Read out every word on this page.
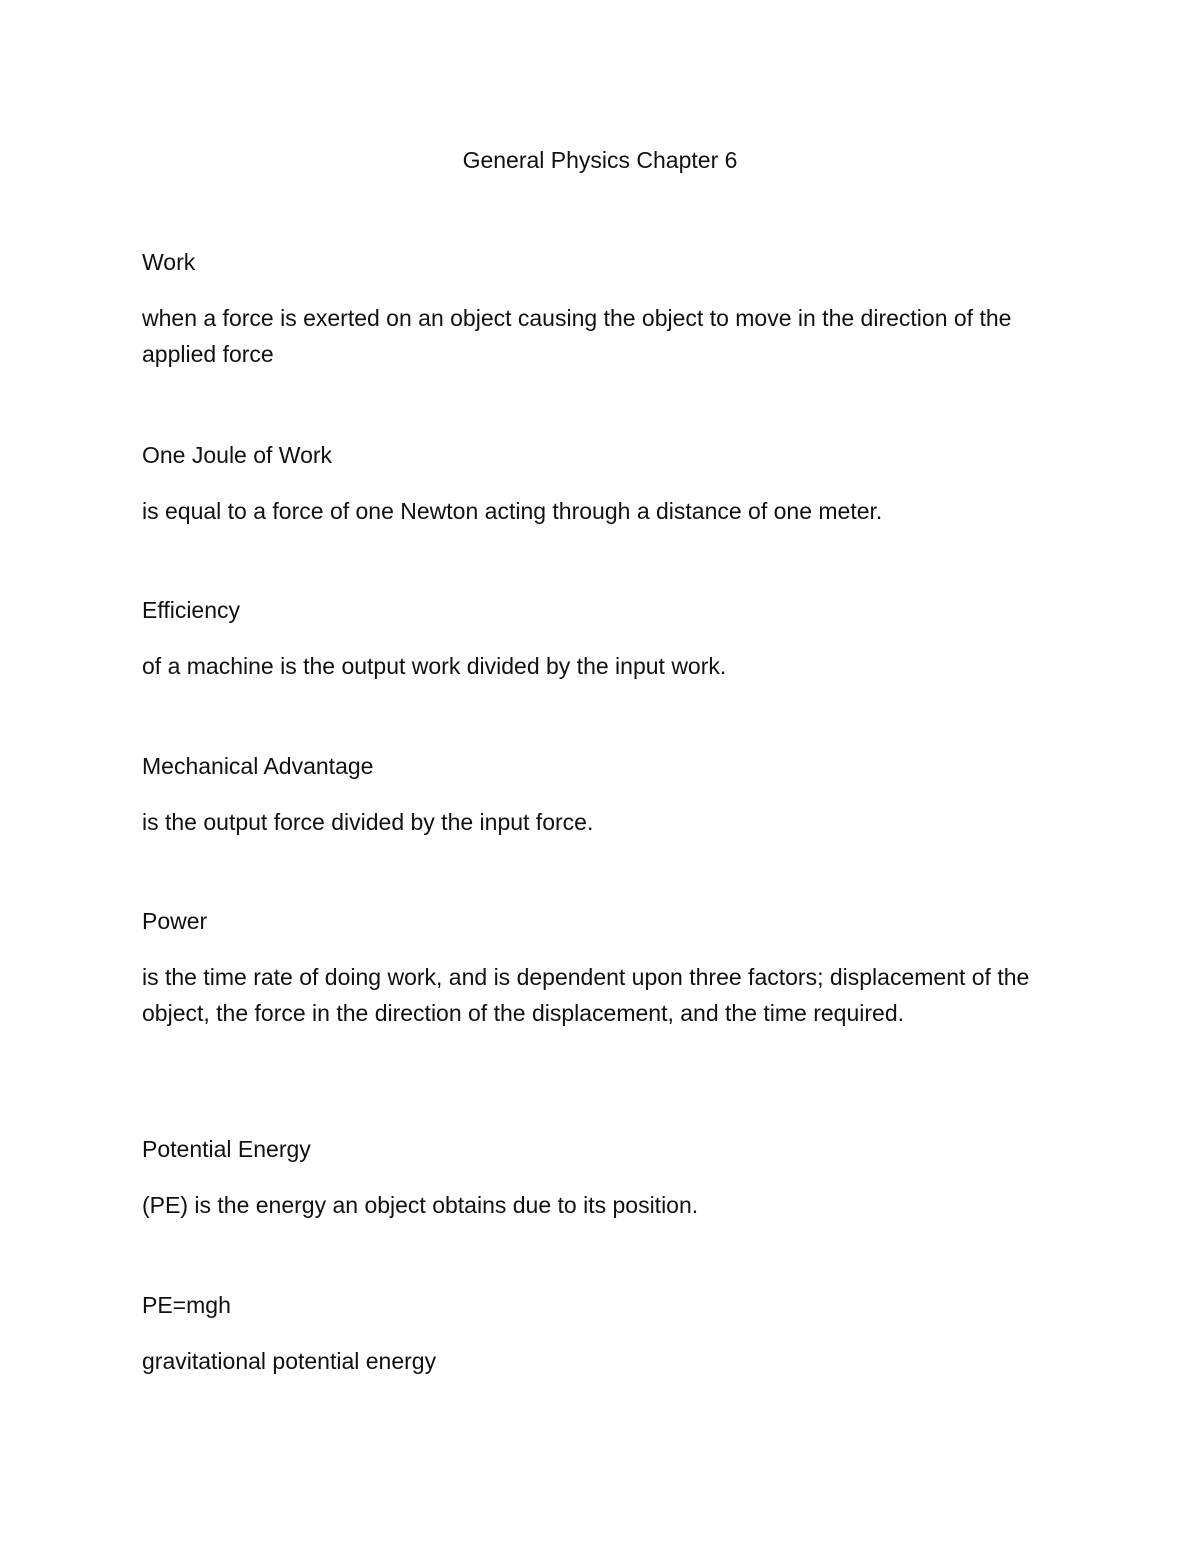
General Physics Chapter 6
Work
when a force is exerted on an object causing the object to move in the direction of the applied force
One Joule of Work
is equal to a force of one Newton acting through a distance of one meter.
Efficiency
of a machine is the output work divided by the input work.
Mechanical Advantage
is the output force divided by the input force.
Power
is the time rate of doing work, and is dependent upon three factors; displacement of the object, the force in the direction of the displacement, and the time required.
Potential Energy
(PE) is the energy an object obtains due to its position.
PE=mgh
gravitational potential energy
